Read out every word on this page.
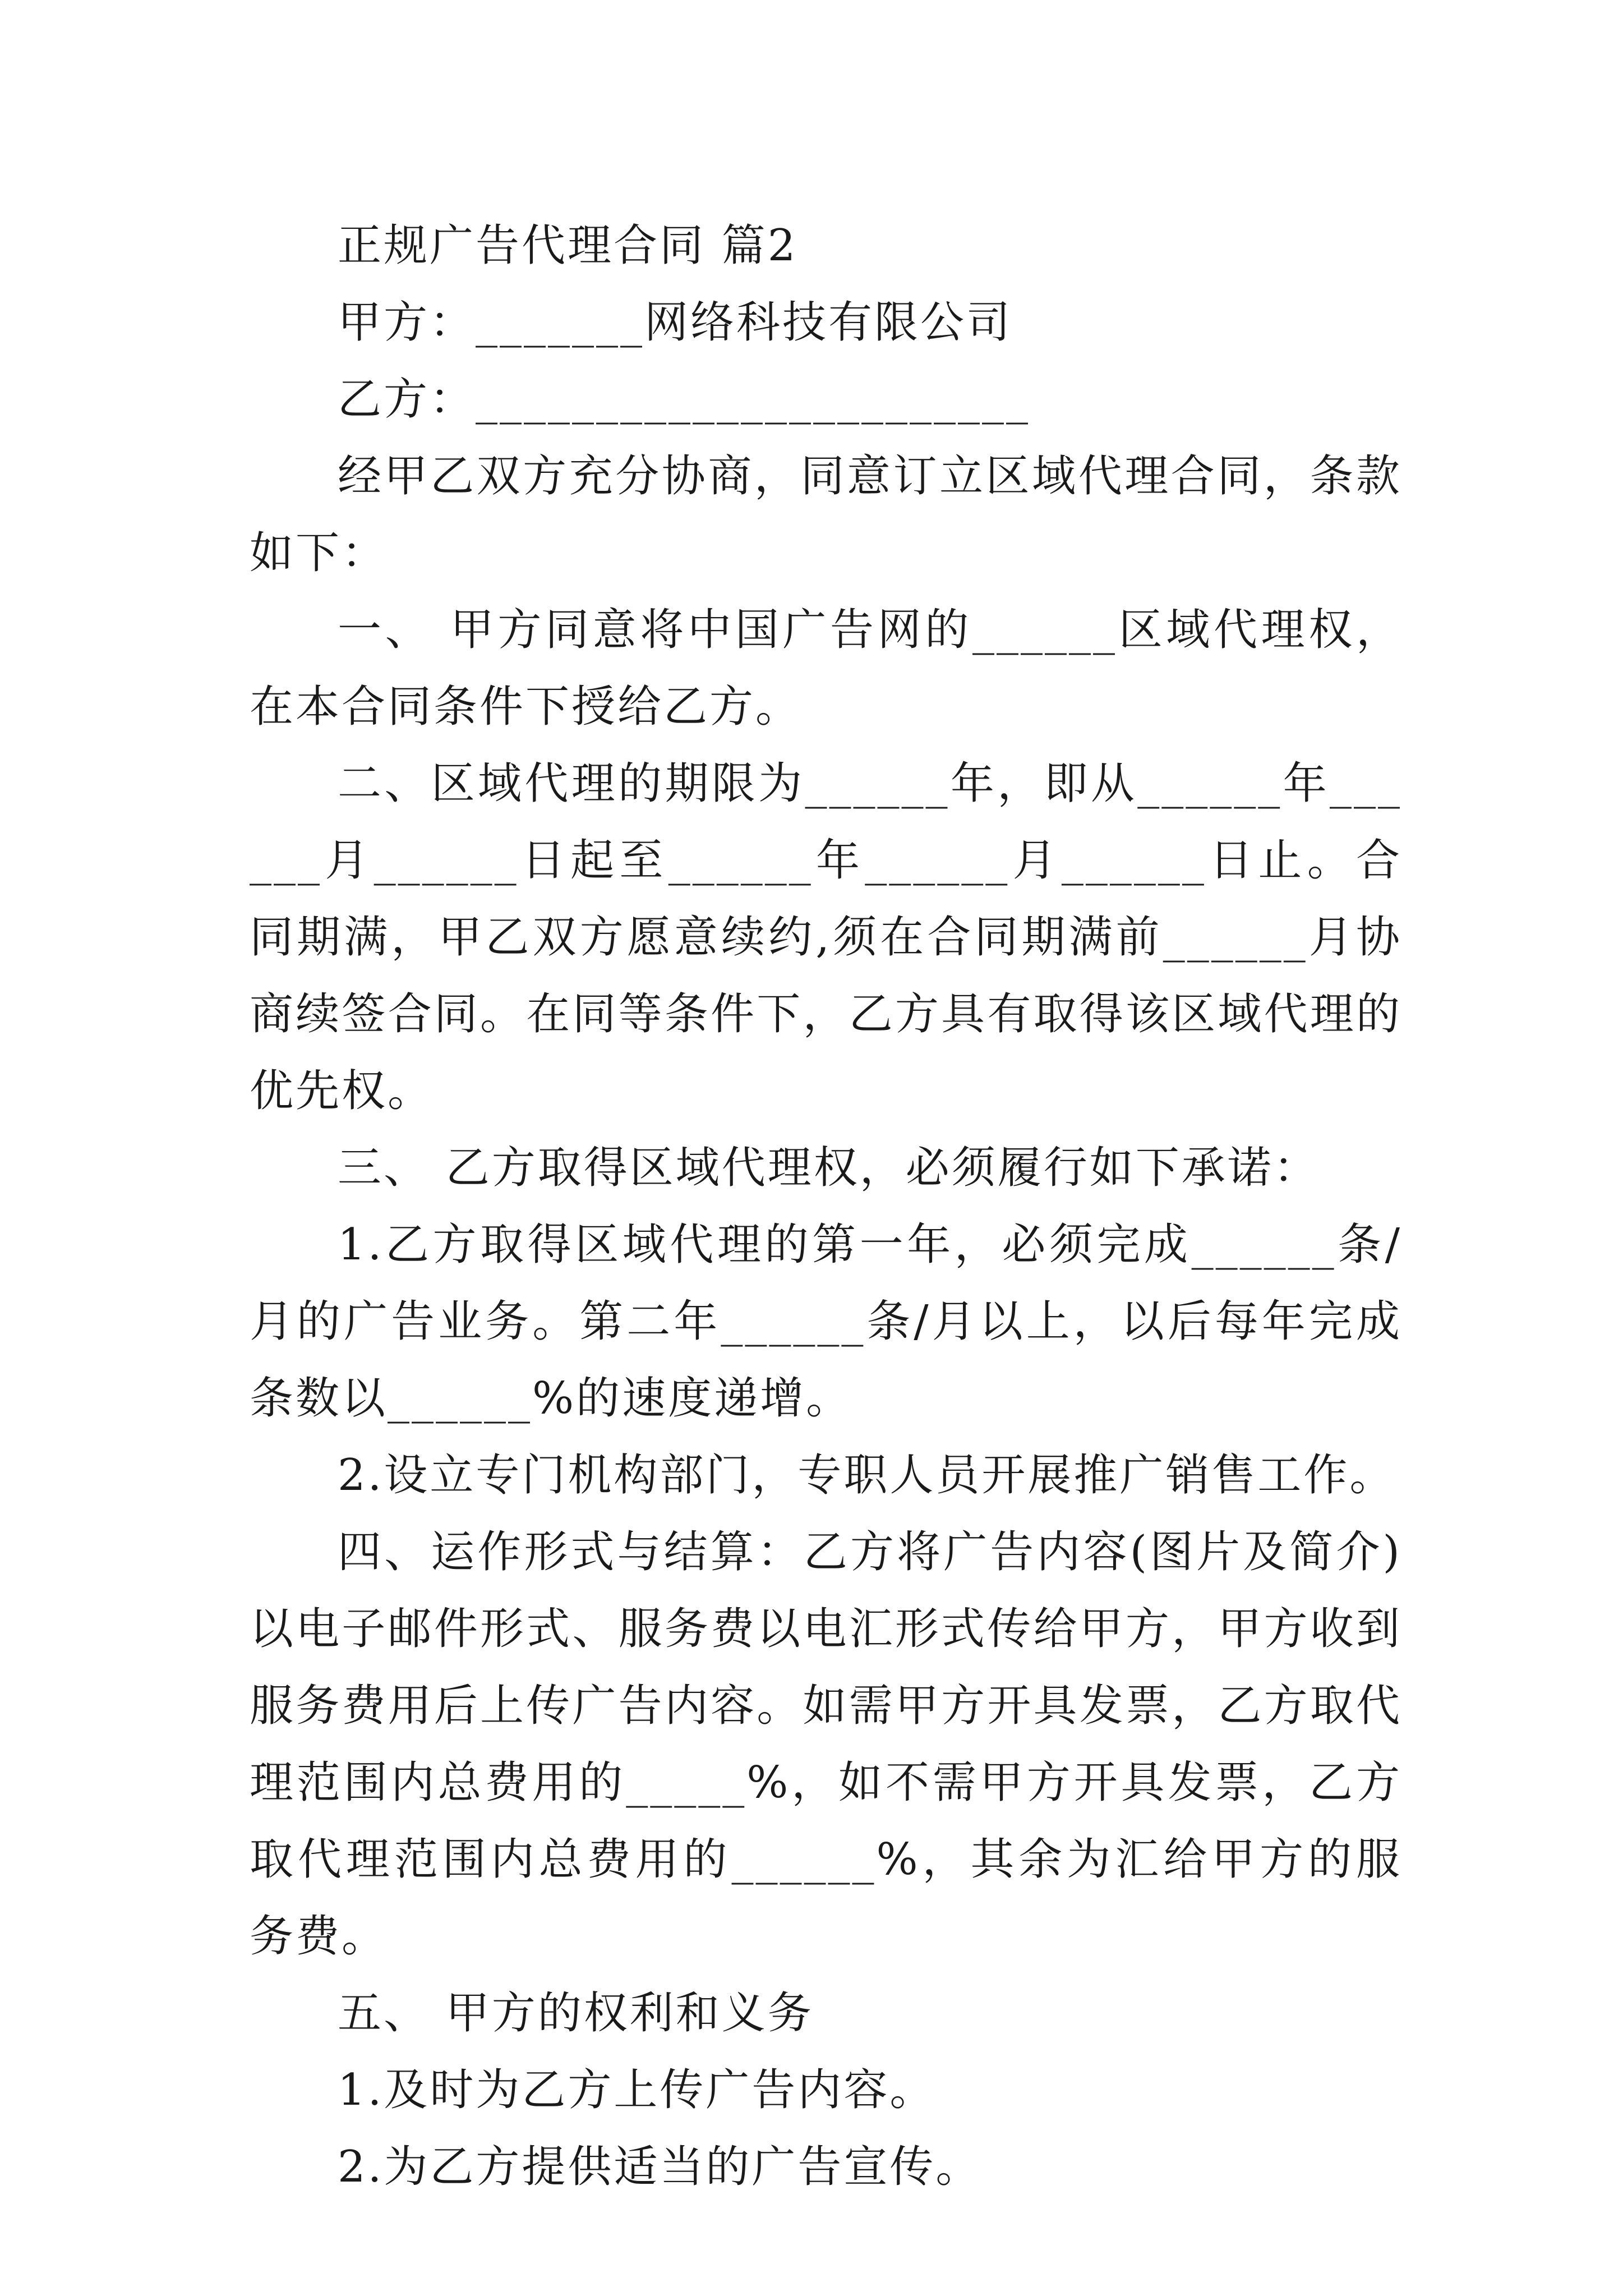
正规广告代理合同 篇2

甲方：_______网络科技有限公司

乙方：_______________________

经甲乙双方充分协商，同意订立区域代理合同，条款如下：

一、 甲方同意将中国广告网的______区域代理权，在本合同条件下授给乙方。

二、区域代理的期限为______年，即从______年______月______日起至______年______月______日止。合同期满，甲乙双方愿意续约,须在合同期满前______月协商续签合同。在同等条件下，乙方具有取得该区域代理的优先权。

三、 乙方取得区域代理权，必须履行如下承诺：

1.乙方取得区域代理的第一年，必须完成______条/月的广告业务。第二年______条/月以上，以后每年完成条数以______%的速度递增。

2.设立专门机构部门，专职人员开展推广销售工作。

四、运作形式与结算：乙方将广告内容(图片及简介)以电子邮件形式、服务费以电汇形式传给甲方，甲方收到服务费用后上传广告内容。如需甲方开具发票，乙方取代理范围内总费用的_____%，如不需甲方开具发票，乙方取代理范围内总费用的______%，其余为汇给甲方的服务费。

五、 甲方的权利和义务

1.及时为乙方上传广告内容。

2.为乙方提供适当的广告宣传。
